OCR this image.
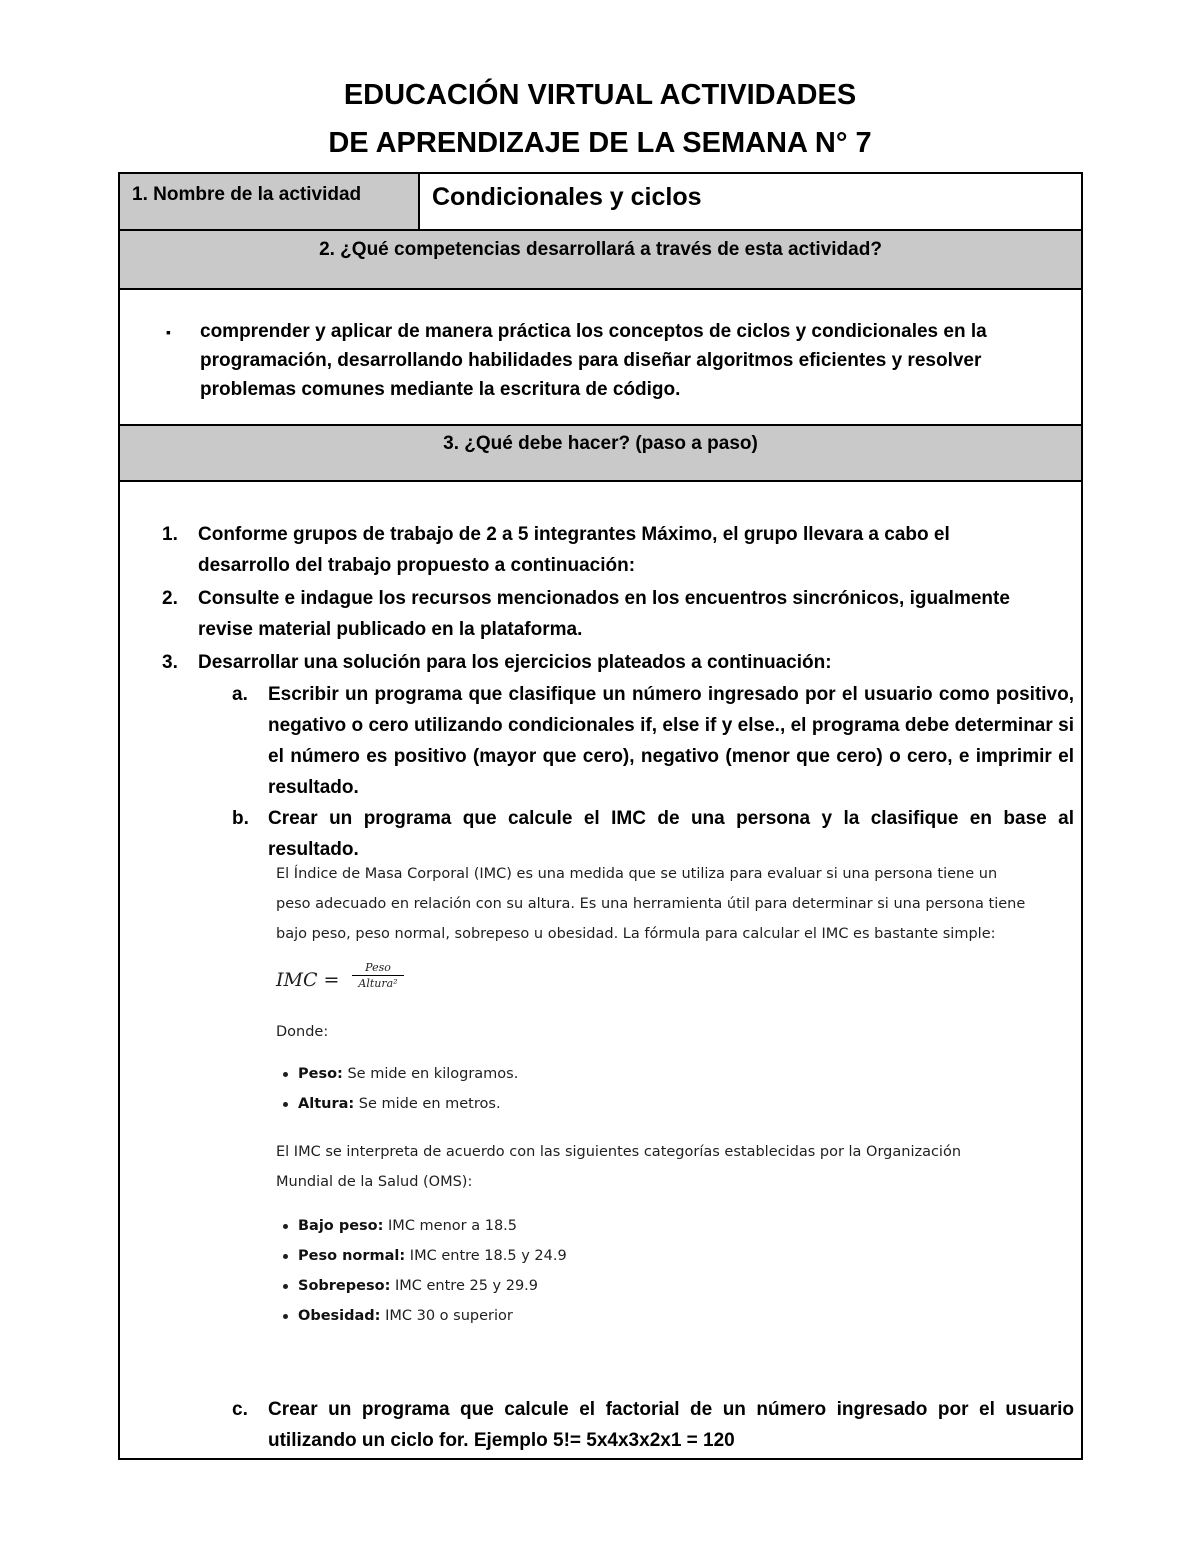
EDUCACIÓN VIRTUAL ACTIVIDADES
DE APRENDIZAJE DE LA SEMANA N° 7
1. Nombre de la actividad	Condicionales y ciclos
2. ¿Qué competencias desarrollará a través de esta actividad?
▪ comprender y aplicar de manera práctica los conceptos de ciclos y condicionales en la programación, desarrollando habilidades para diseñar algoritmos eficientes y resolver problemas comunes mediante la escritura de código.
3. ¿Qué debe hacer? (paso a paso)
1. Conforme grupos de trabajo de 2 a 5 integrantes Máximo, el grupo llevara a cabo el desarrollo del trabajo propuesto a continuación:
2. Consulte e indague los recursos mencionados en los encuentros sincrónicos, igualmente revise material publicado en la plataforma.
3. Desarrollar una solución para los ejercicios plateados a continuación:
a. Escribir un programa que clasifique un número ingresado por el usuario como positivo, negativo o cero utilizando condicionales if, else if y else., el programa debe determinar si el número es positivo (mayor que cero), negativo (menor que cero) o cero, e imprimir el resultado.
b. Crear un programa que calcule el IMC de una persona y la clasifique en base al resultado.

El Índice de Masa Corporal (IMC) es una medida que se utiliza para evaluar si una persona tiene un peso adecuado en relación con su altura. Es una herramienta útil para determinar si una persona tiene bajo peso, peso normal, sobrepeso u obesidad. La fórmula para calcular el IMC es bastante simple:

IMC =
Peso
Altura²

Donde:

Peso: Se mide en kilogramos.
Altura: Se mide en metros.

El IMC se interpreta de acuerdo con las siguientes categorías establecidas por la Organización Mundial de la Salud (OMS):

Bajo peso: IMC menor a 18.5
Peso normal: IMC entre 18.5 y 24.9
Sobrepeso: IMC entre 25 y 29.9
Obesidad: IMC 30 o superior
c. Crear un programa que calcule el factorial de un número ingresado por el usuario utilizando un ciclo for. Ejemplo 5!= 5x4x3x2x1 = 120
